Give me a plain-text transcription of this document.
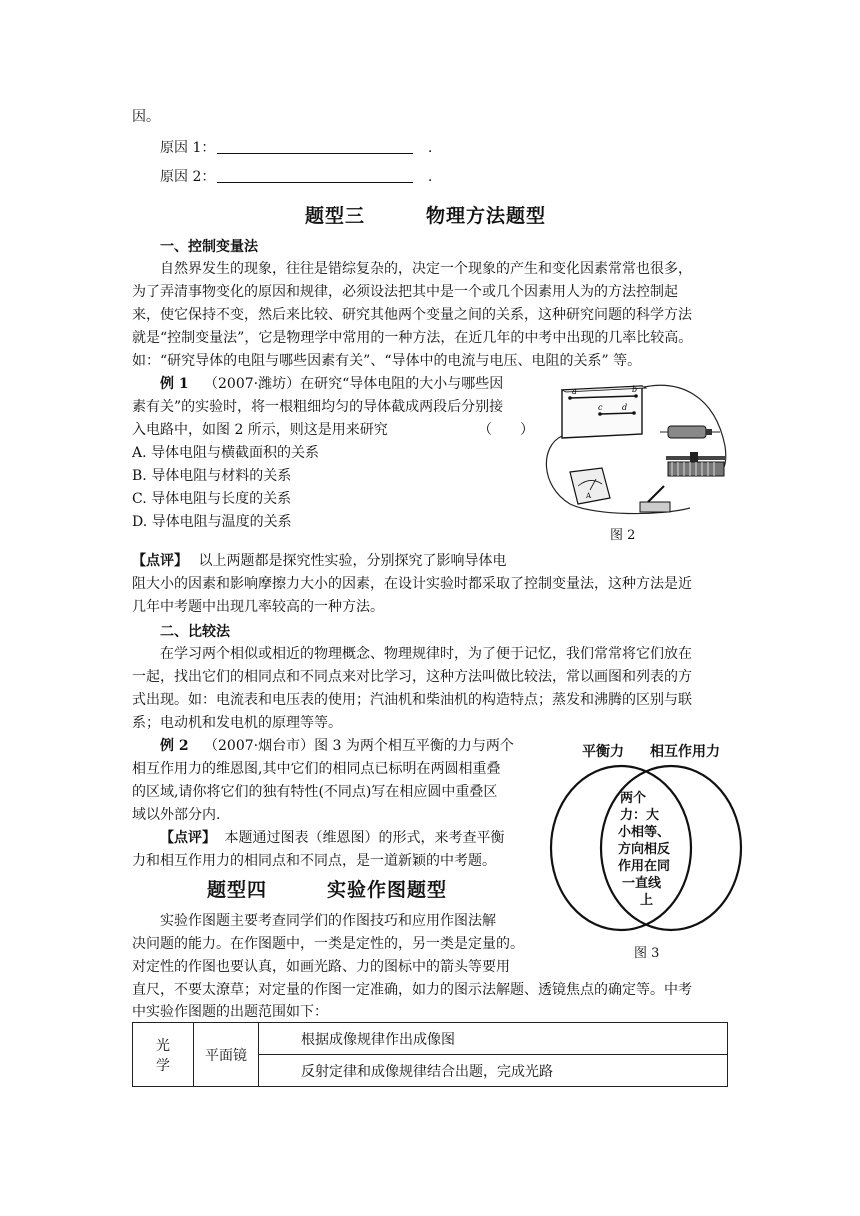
因。
原因 1：	.
原因 2：	.
题型三	物理方法题型
一、控制变量法
自然界发生的现象，往往是错综复杂的，决定一个现象的产生和变化因素常常也很多，
为了弄清事物变化的原因和规律，必须设法把其中是一个或几个因素用人为的方法控制起
来，使它保持不变，然后来比较、研究其他两个变量之间的关系，这种研究问题的科学方法
就是“控制变量法”，它是物理学中常用的一种方法，在近几年的中考中出现的几率比较高。
如：“研究导体的电阻与哪些因素有关”、“导体中的电流与电压、电阻的关系” 等。
例 1 （2007·潍坊）在研究“导体电阻的大小与哪些因
素有关”的实验时，将一根粗细均匀的导体截成两段后分别接
入电路中，如图 2 所示，则这是用来研究	（　　）
A. 导体电阻与横截面积的关系
B. 导体电阻与材料的关系
C. 导体电阻与长度的关系
D. 导体电阻与温度的关系
a	b
c d
A
图 2
【点评】 以上两题都是探究性实验，分别探究了影响导体电
阻大小的因素和影响摩擦力大小的因素，在设计实验时都采取了控制变量法，这种方法是近
几年中考题中出现几率较高的一种方法。
二、比较法
在学习两个相似或相近的物理概念、物理规律时，为了便于记忆，我们常常将它们放在
一起，找出它们的相同点和不同点来对比学习，这种方法叫做比较法，常以画图和列表的方
式出现。如：电流表和电压表的使用；汽油机和柴油机的构造特点；蒸发和沸腾的区别与联
系；电动机和发电机的原理等等。
例 2 （2007·烟台市）图 3 为两个相互平衡的力与两个
相互作用力的维恩图,其中它们的相同点已标明在两圆相重叠
的区域,请你将它们的独有特性(不同点)写在相应圆中重叠区
域以外部分内.
【点评】 本题通过图表（维恩图）的形式，来考查平衡
力和相互作用力的相同点和不同点，是一道新颖的中考题。
平衡力 相互作用力
两个
力：大
小相等、
方向相反
作用在同
一直线
上
图 3
题型四	实验作图题型
实验作图题主要考查同学们的作图技巧和应用作图法解
决问题的能力。在作图题中，一类是定性的，另一类是定量的。
对定性的作图也要认真，如画光路、力的图标中的箭头等要用
直尺，不要太潦草；对定量的作图一定准确，如力的图示法解题、透镜焦点的确定等。中考
中实验作图题的出题范围如下：
光
学
	平面镜	根据成像规律作出成像图
反射定律和成像规律结合出题，完成光路
